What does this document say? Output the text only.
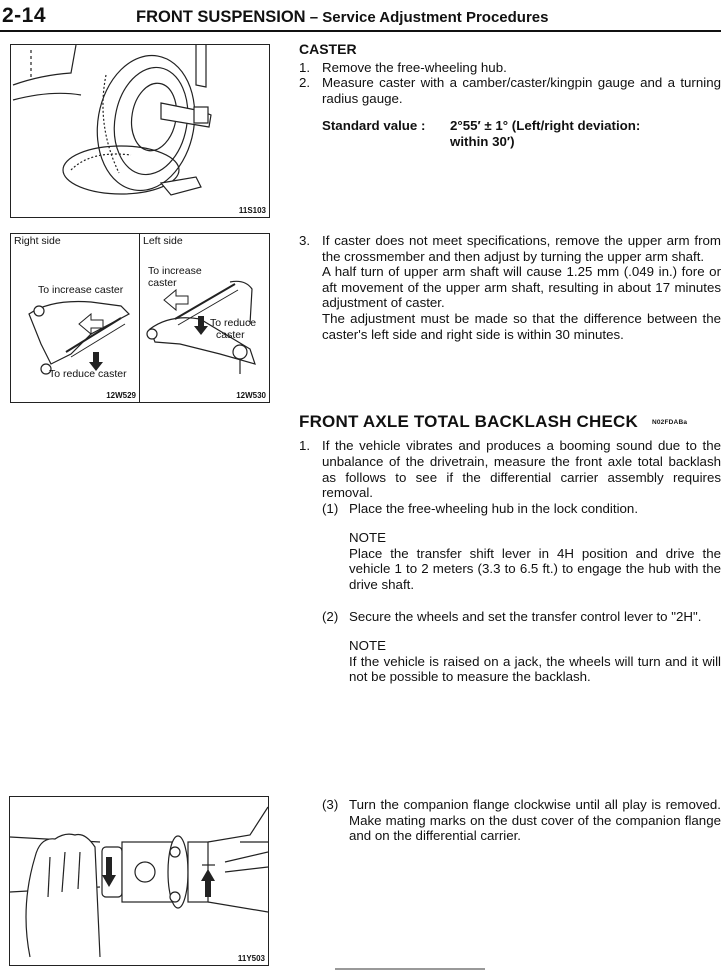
2-14	FRONT SUSPENSION – Service Adjustment Procedures
11S103
Right side
To increase caster
To reduce caster
12W529
Left side
To increase
caster
To reduce
caster
12W530
11Y503
CASTER
1. Remove the free-wheeling hub.
2. Measure caster with a camber/caster/kingpin gauge and a turning radius gauge.
Standard value :	2°55′ ± 1° (Left/right deviation: within 30′)
3. If caster does not meet specifications, remove the upper arm from the crossmember and then adjust by turning the upper arm shaft.
A half turn of upper arm shaft will cause 1.25 mm (.049 in.) fore or aft movement of the upper arm shaft, resulting in about 17 minutes adjustment of caster.
The adjustment must be made so that the difference between the caster's left side and right side is within 30 minutes.
FRONT AXLE TOTAL BACKLASH CHECK N02FDABa
1. If the vehicle vibrates and produces a booming sound due to the unbalance of the drivetrain, measure the front axle total backlash as follows to see if the differential carrier assembly requires removal.
(1) Place the free-wheeling hub in the lock condition.
NOTE
Place the transfer shift lever in 4H position and drive the vehicle 1 to 2 meters (3.3 to 6.5 ft.) to engage the hub with the drive shaft.
(2) Secure the wheels and set the transfer control lever to "2H".
NOTE
If the vehicle is raised on a jack, the wheels will turn and it will not be possible to measure the backlash.
(3) Turn the companion flange clockwise until all play is removed. Make mating marks on the dust cover of the companion flange and on the differential carrier.
